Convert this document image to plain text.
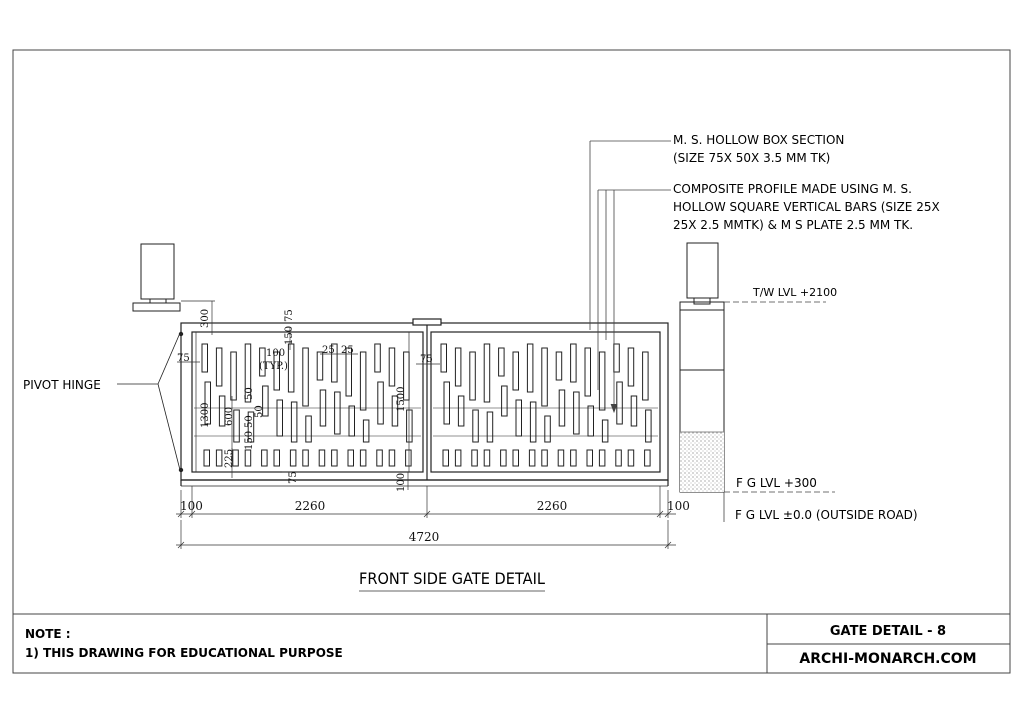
NOTE :
1) THIS DRAWING FOR EDUCATIONAL PURPOSE
GATE DETAIL - 8
ARCHI-MONARCH.COM
PIVOT HINGE
M. S. HOLLOW BOX SECTION
(SIZE 75X 50X 3.5 MM TK)
COMPOSITE PROFILE MADE USING M. S.
HOLLOW SQUARE VERTICAL BARS (SIZE 25X
25X 2.5 MMTK) & M S PLATE 2.5 MM TK.
T/W LVL +2100
F G LVL +300
F G LVL ±0.0 (OUTSIDE ROAD)
300	75
150
75	100
(TYP.)
25 25
75
1500
1300 600
150
50
50
50
225
75	100
100	2260	2260	100
4720
FRONT SIDE GATE DETAIL
